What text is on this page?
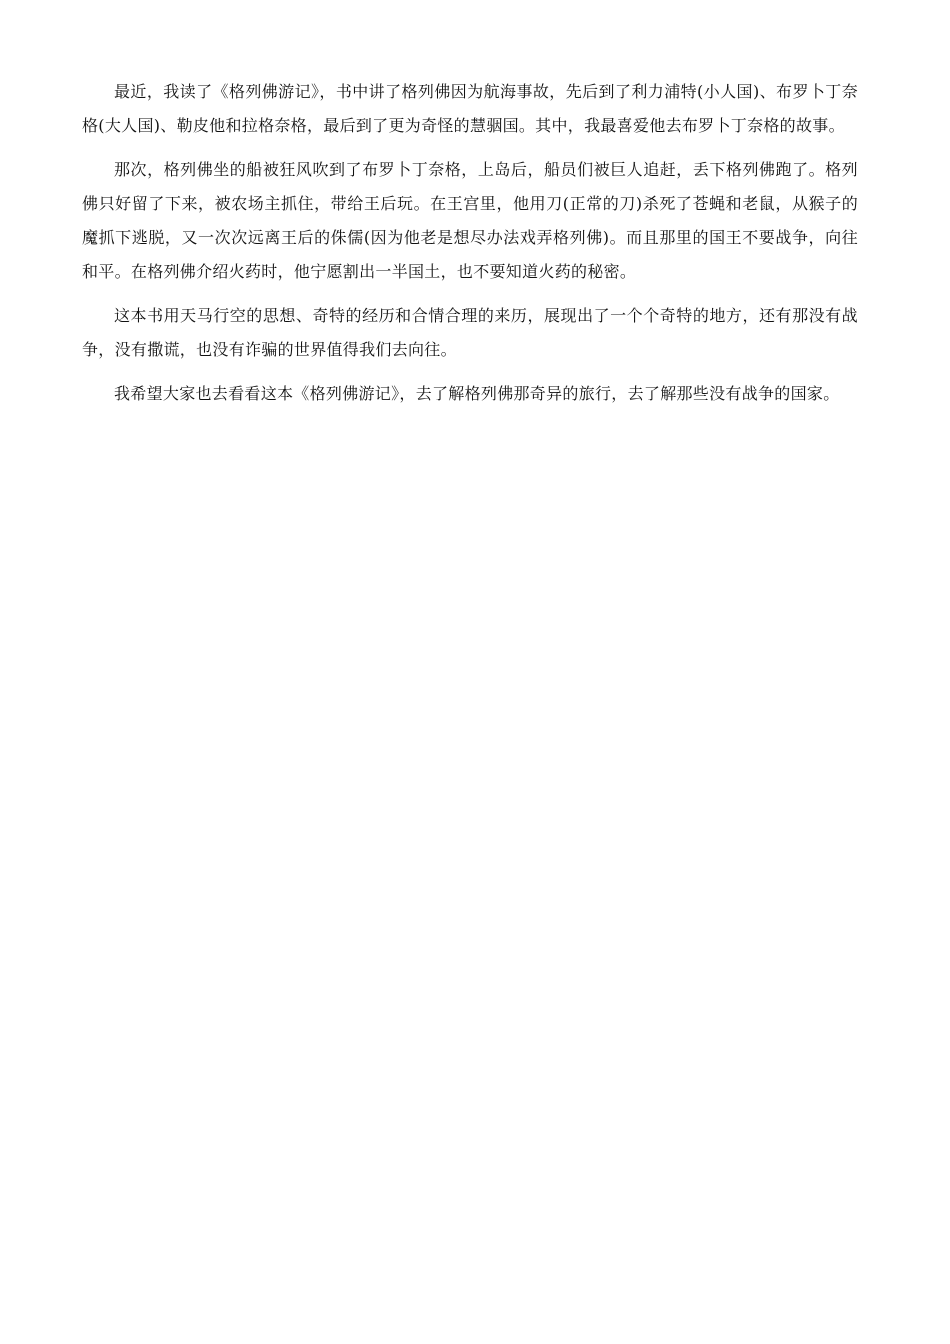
最近，我读了《格列佛游记》，书中讲了格列佛因为航海事故，先后到了利力浦特(小人国)、布罗卜丁奈格(大人国)、勒皮他和拉格奈格，最后到了更为奇怪的慧骃国。其中，我最喜爱他去布罗卜丁奈格的故事。

那次，格列佛坐的船被狂风吹到了布罗卜丁奈格，上岛后，船员们被巨人追赶，丢下格列佛跑了。格列佛只好留了下来，被农场主抓住，带给王后玩。在王宫里，他用刀(正常的刀)杀死了苍蝇和老鼠，从猴子的魔抓下逃脱，又一次次远离王后的侏儒(因为他老是想尽办法戏弄格列佛)。而且那里的国王不要战争，向往和平。在格列佛介绍火药时，他宁愿割出一半国土，也不要知道火药的秘密。

这本书用天马行空的思想、奇特的经历和合情合理的来历，展现出了一个个奇特的地方，还有那没有战争，没有撒谎，也没有诈骗的世界值得我们去向往。

我希望大家也去看看这本《格列佛游记》，去了解格列佛那奇异的旅行，去了解那些没有战争的国家。
